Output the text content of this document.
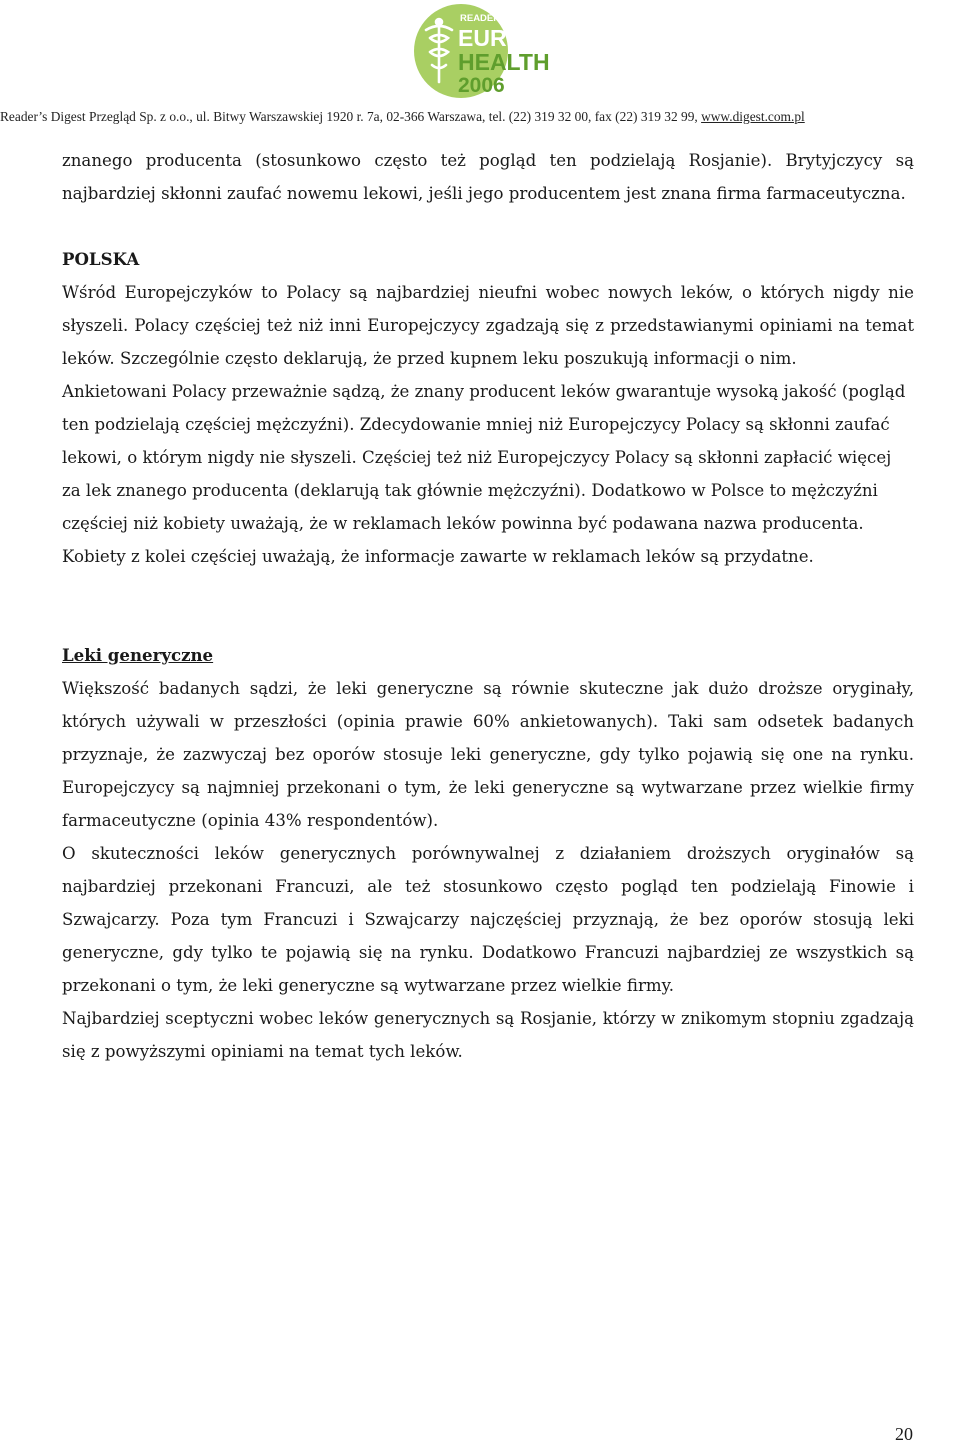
READER'S DIGEST
EUROPE
HEALTH
2006
Reader’s Digest Przegląd Sp. z o.o., ul. Bitwy Warszawskiej 1920 r. 7a, 02-366 Warszawa, tel. (22) 319 32 00, fax (22) 319 32 99, www.digest.com.pl

znanego producenta (stosunkowo często też pogląd ten podzielają Rosjanie). Brytyjczycy są najbardziej skłonni zaufać nowemu lekowi, jeśli jego producentem jest znana firma farmaceutyczna.

POLSKA

Wśród Europejczyków to Polacy są najbardziej nieufni wobec nowych leków, o których nigdy nie słyszeli. Polacy częściej też niż inni Europejczycy zgadzają się z przedstawianymi opiniami na temat leków. Szczególnie często deklarują, że przed kupnem leku poszukują informacji o nim.

Ankietowani Polacy przeważnie sądzą, że znany producent leków gwarantuje wysoką jakość (pogląd ten podzielają częściej mężczyźni). Zdecydowanie mniej niż Europejczycy Polacy są skłonni zaufać lekowi, o którym nigdy nie słyszeli. Częściej też niż Europejczycy Polacy są skłonni zapłacić więcej za lek znanego producenta (deklarują tak głównie mężczyźni). Dodatkowo w Polsce to mężczyźni częściej niż kobiety uważają, że w reklamach leków powinna być podawana nazwa producenta. Kobiety z kolei częściej uważają, że informacje zawarte w reklamach leków są przydatne.

Leki generyczne

Większość badanych sądzi, że leki generyczne są równie skuteczne jak dużo droższe oryginały, których używali w przeszłości (opinia prawie 60% ankietowanych). Taki sam odsetek badanych przyznaje, że zazwyczaj bez oporów stosuje leki generyczne, gdy tylko pojawią się one na rynku. Europejczycy są najmniej przekonani o tym, że leki generyczne są wytwarzane przez wielkie firmy farmaceutyczne (opinia 43% respondentów).

O skuteczności leków generycznych porównywalnej z działaniem droższych oryginałów są najbardziej przekonani Francuzi, ale też stosunkowo często pogląd ten podzielają Finowie i Szwajcarzy. Poza tym Francuzi i Szwajcarzy najczęściej przyznają, że bez oporów stosują leki generyczne, gdy tylko te pojawią się na rynku. Dodatkowo Francuzi najbardziej ze wszystkich są przekonani o tym, że leki generyczne są wytwarzane przez wielkie firmy.

Najbardziej sceptyczni wobec leków generycznych są Rosjanie, którzy w znikomym stopniu zgadzają się z powyższymi opiniami na temat tych leków.

20
